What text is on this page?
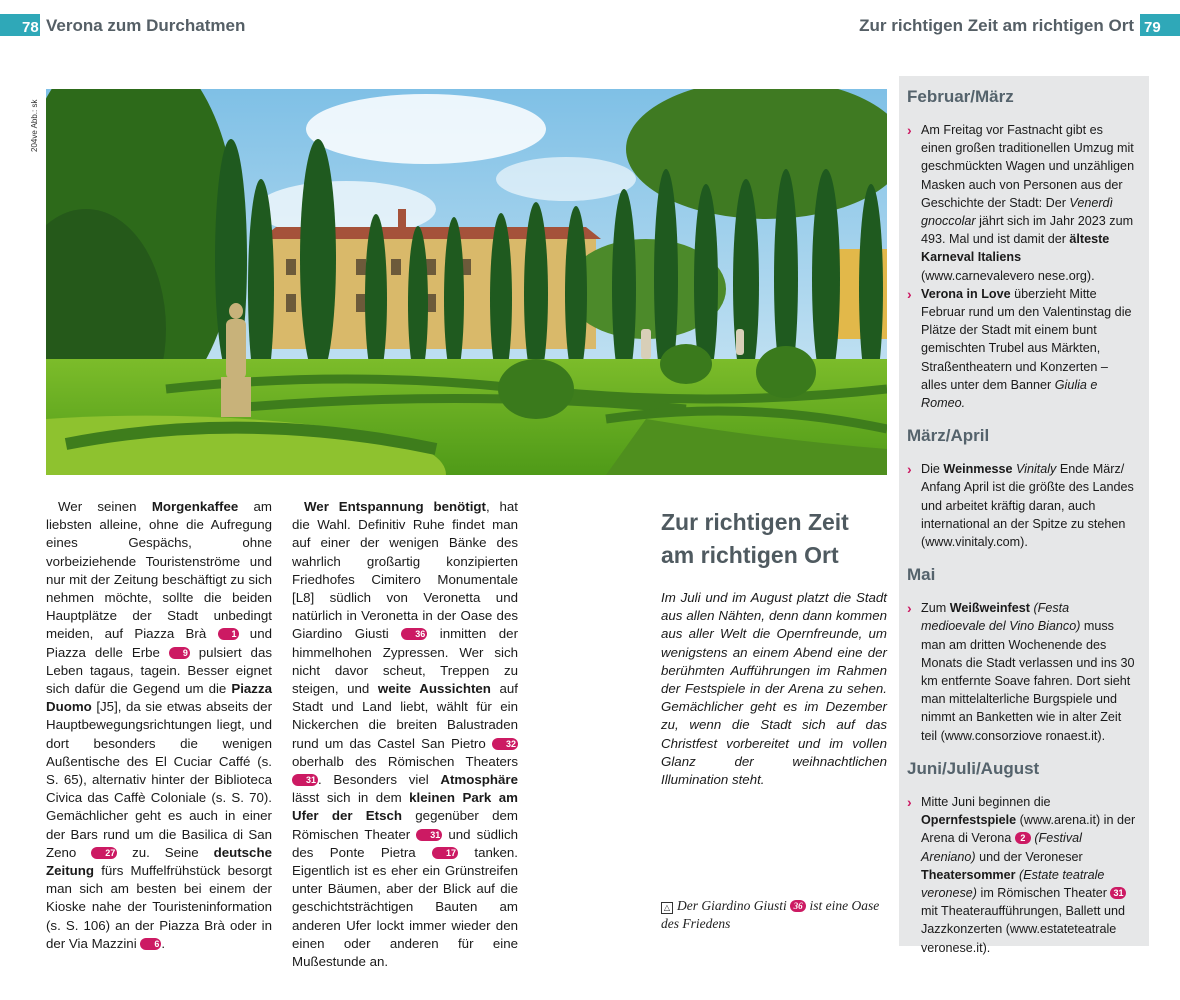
78 Verona zum Durchatmen	Zur richtigen Zeit am richtigen Ort 79
204ve Abb.: sk

Wer seinen Morgenkaffee am liebsten alleine, ohne die Aufregung eines Gespächs, ohne vorbeiziehende Touristenströme und nur mit der Zeitung beschäftigt zu sich nehmen möchte, sollte die beiden Hauptplätze der Stadt unbedingt meiden, auf Piazza Brà 1 und Piazza delle Erbe 9 pulsiert das Leben tagaus, tagein. Besser eignet sich dafür die Gegend um die Piazza Duomo [J5], da sie etwas abseits der Hauptbewegungsrichtungen liegt, und dort besonders die wenigen Außentische des El Cuciar Caffé (s. S. 65), alternativ hinter der Biblioteca Civica das Caffè Coloniale (s. S. 70). Gemächlicher geht es auch in einer der Bars rund um die Basilica di San Zeno 27 zu. Seine deutsche Zeitung fürs Muffelfrühstück besorgt man sich am besten bei einem der Kioske nahe der Touristeninformation (s. S. 106) an der Piazza Brà oder in der Via Mazzini 6 .

Wer Entspannung benötigt, hat die Wahl. Definitiv Ruhe findet man auf einer der wenigen Bänke des wahrlich großartig konzipierten Friedhofes Cimitero Monumentale [L8] südlich von Veronetta und natürlich in Veronetta in der Oase des Giardino Giusti 36 inmitten der himmelhohen Zypressen. Wer sich nicht davor scheut, Treppen zu steigen, und weite Aussichten auf Stadt und Land liebt, wählt für ein Nickerchen die breiten Balustraden rund um das Castel San Pietro 32 oberhalb des Römischen Theaters 31 . Besonders viel Atmosphäre lässt sich in dem kleinen Park am Ufer der Etsch gegenüber dem Römischen Theater 31 und südlich des Ponte Pietra 17 tanken. Eigentlich ist es eher ein Grünstreifen unter Bäumen, aber der Blick auf die geschichtsträchtigen Bauten am anderen Ufer lockt immer wieder den einen oder anderen für eine Mußestunde an.

Zur richtigen Zeit
am richtigen Ort
Im Juli und im August platzt die Stadt aus allen Nähten, denn dann kommen aus aller Welt die Opernfreunde, um wenigstens an einem Abend eine der berühmten Aufführungen im Rahmen der Festspiele in der Arena zu sehen. Gemächlicher geht es im Dezember zu, wenn die Stadt sich auf das Christfest vorbereitet und im vollen Glanz der weihnachtlichen Illumination steht.
△ Der Giardino Giusti 36 ist eine Oase des Friedens
Februar/März
› Am Freitag vor Fastnacht gibt es einen großen traditionellen Umzug mit geschmückten Wagen und unzähligen Masken auch von Personen aus der Geschichte der Stadt: Der Venerdì gnoccolar jährt sich im Jahr 2023 zum 493. Mal und ist damit der älteste Karneval Italiens (www.carnevalevero nese.org).
› Verona in Love überzieht Mitte Februar rund um den Valentinstag die Plätze der Stadt mit einem bunt gemischten Trubel aus Märkten, Straßentheatern und Konzerten – alles unter dem Banner Giulia e Romeo.
März/April
› Die Weinmesse Vinitaly Ende März/ Anfang April ist die größte des Landes und arbeitet kräftig daran, auch international an der Spitze zu stehen (www.vinitaly.com).
Mai
› Zum Weißweinfest (Festa medioevale del Vino Bianco) muss man am dritten Wochenende des Monats die Stadt verlassen und ins 30 km entfernte Soave fahren. Dort sieht man mittelalterliche Burgspiele und nimmt an Banketten wie in alter Zeit teil (www.consorziove ronaest.it).
Juni/Juli/August
› Mitte Juni beginnen die Opernfestspiele (www.arena.it) in der Arena di Verona 2 (Festival Areniano) und der Veroneser Theatersommer (Estate teatrale veronese) im Römischen Theater 31 mit Theateraufführungen, Ballett und Jazzkonzerten (www.estateteatrale veronese.it).
